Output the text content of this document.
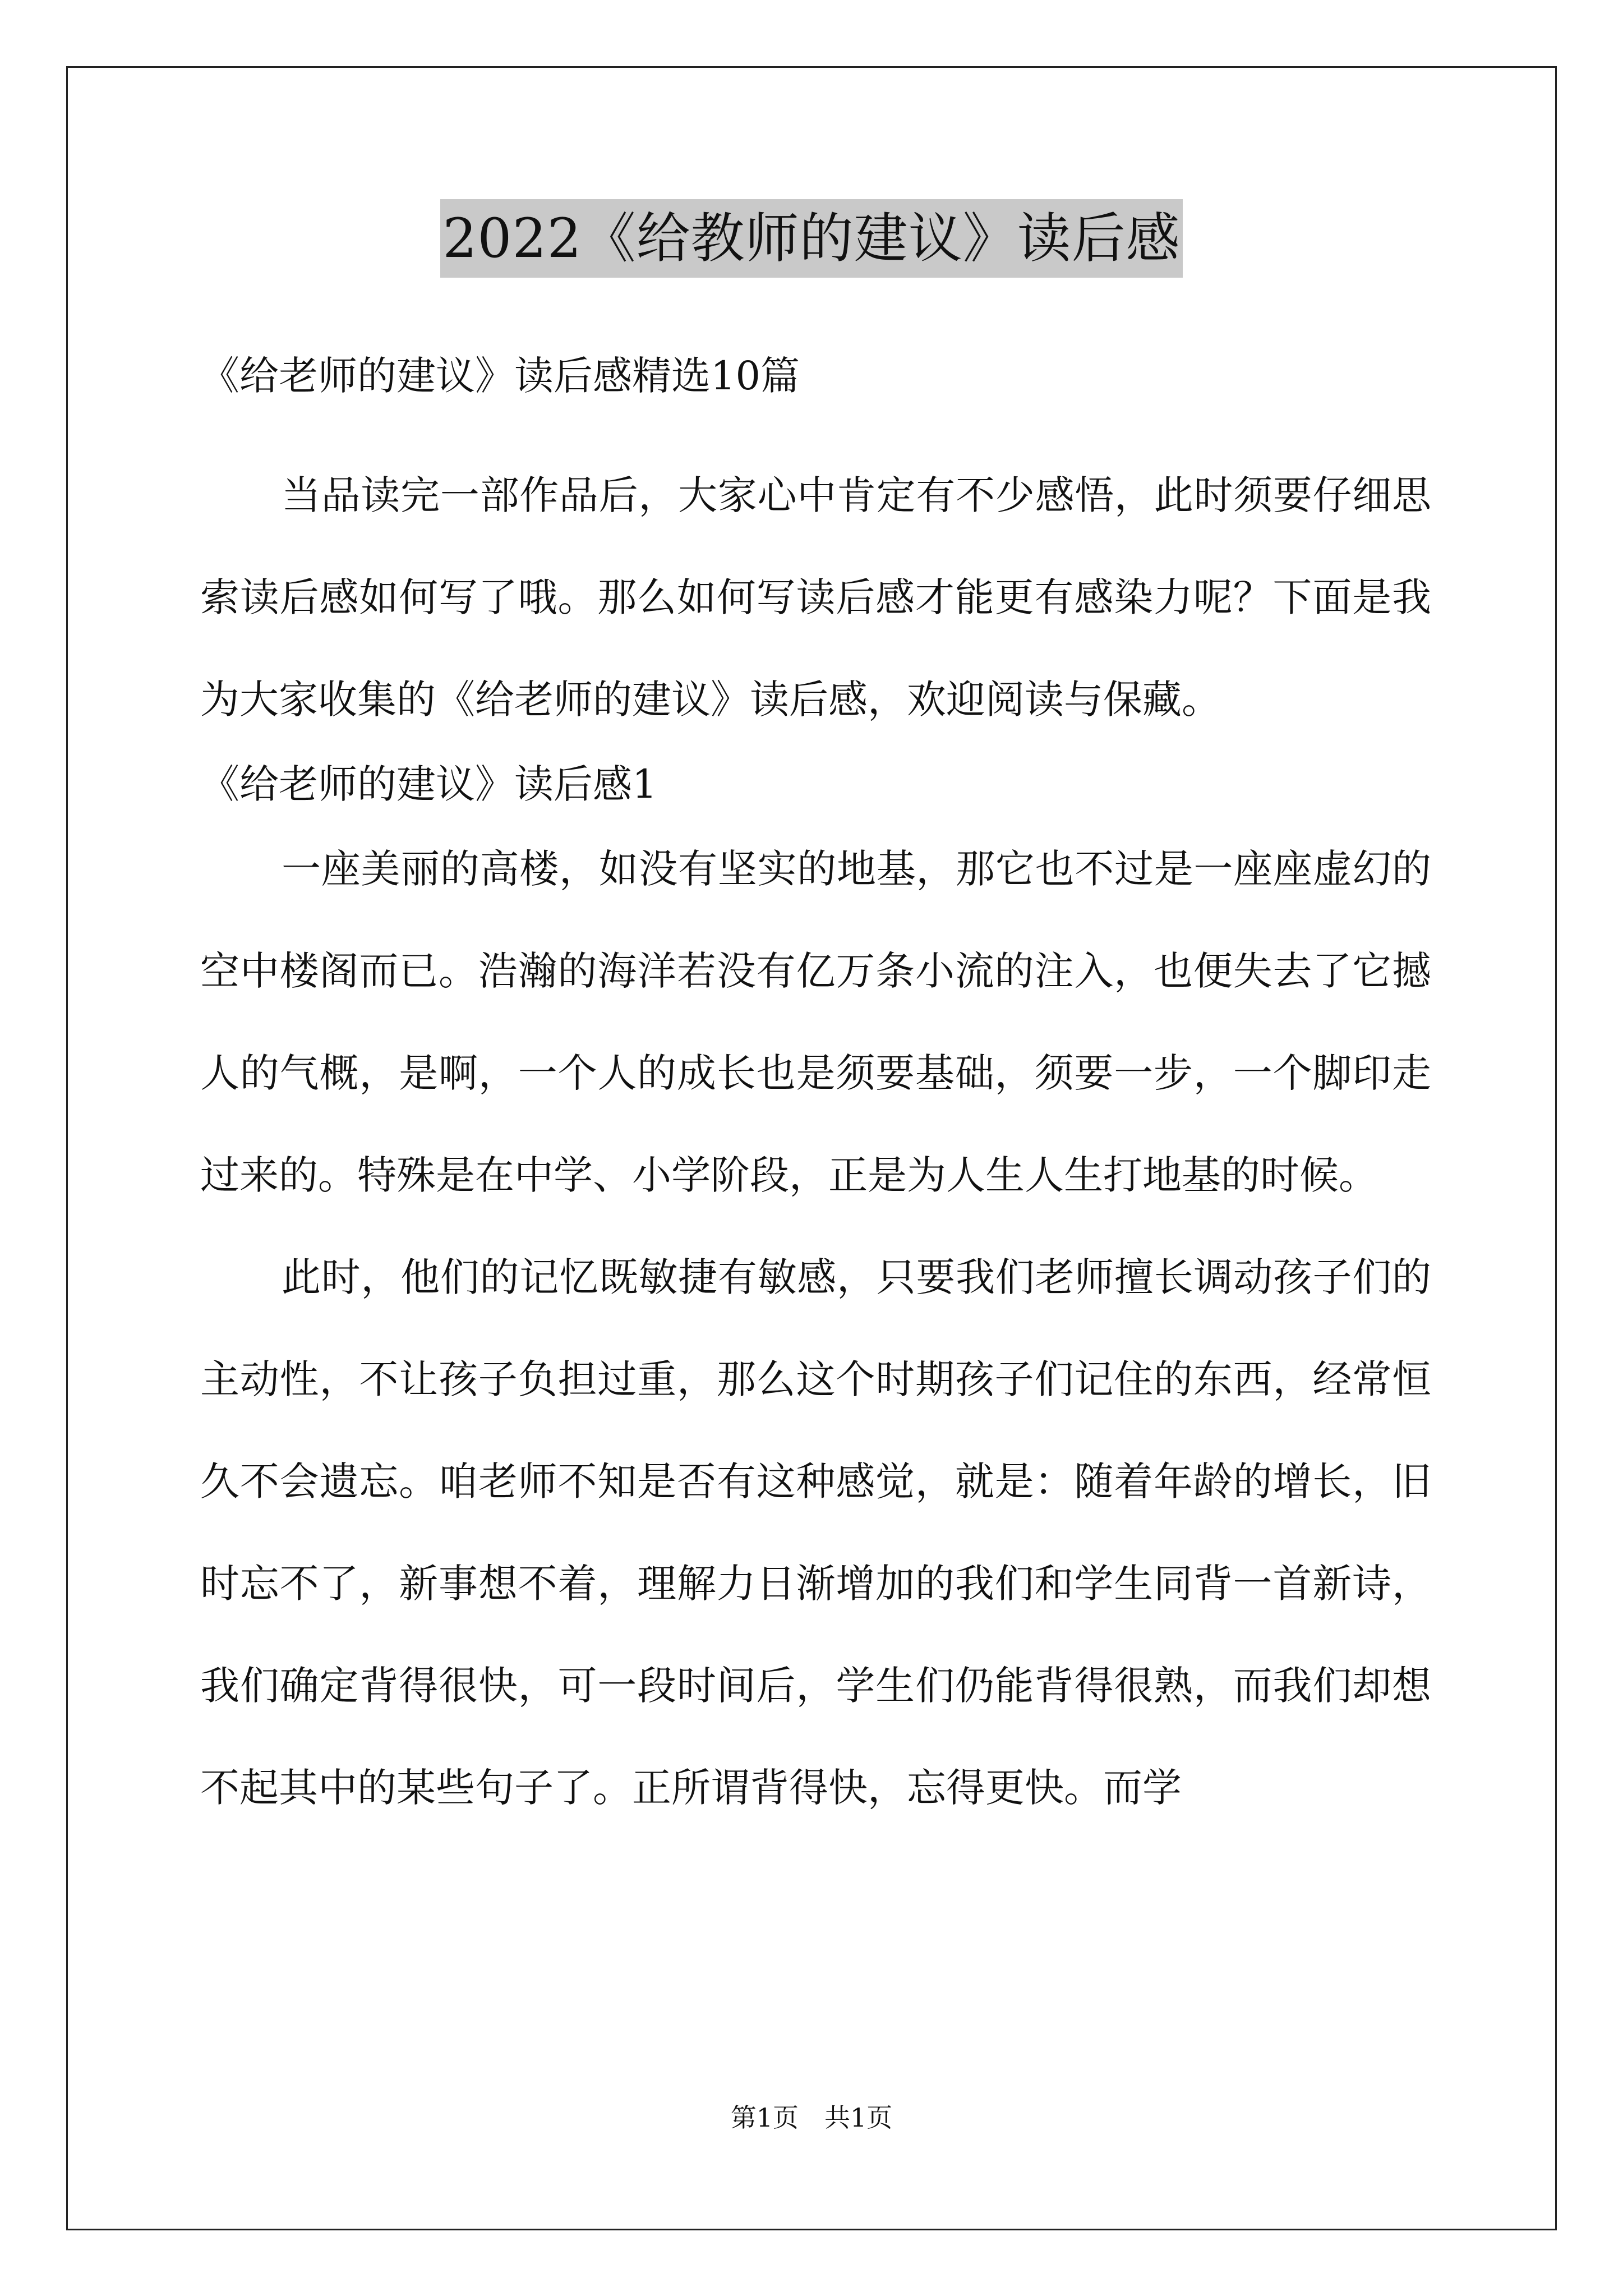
2022《给教师的建议》读后感

《给老师的建议》读后感精选10篇

当品读完一部作品后，大家心中肯定有不少感悟，此时须要仔细思索读后感如何写了哦。那么如何写读后感才能更有感染力呢？下面是我为大家收集的《给老师的建议》读后感，欢迎阅读与保藏。

《给老师的建议》读后感1

一座美丽的高楼，如没有坚实的地基，那它也不过是一座座虚幻的空中楼阁而已。浩瀚的海洋若没有亿万条小流的注入，也便失去了它撼人的气概，是啊，一个人的成长也是须要基础，须要一步，一个脚印走过来的。特殊是在中学、小学阶段，正是为人生人生打地基的时候。

此时，他们的记忆既敏捷有敏感，只要我们老师擅长调动孩子们的主动性，不让孩子负担过重，那么这个时期孩子们记住的东西，经常恒久不会遗忘。咱老师不知是否有这种感觉，就是：随着年龄的增长，旧时忘不了，新事想不着，理解力日渐增加的我们和学生同背一首新诗，我们确定背得很快，可一段时间后，学生们仍能背得很熟，而我们却想不起其中的某些句子了。正所谓背得快，忘得更快。而学

第1页　共1页
